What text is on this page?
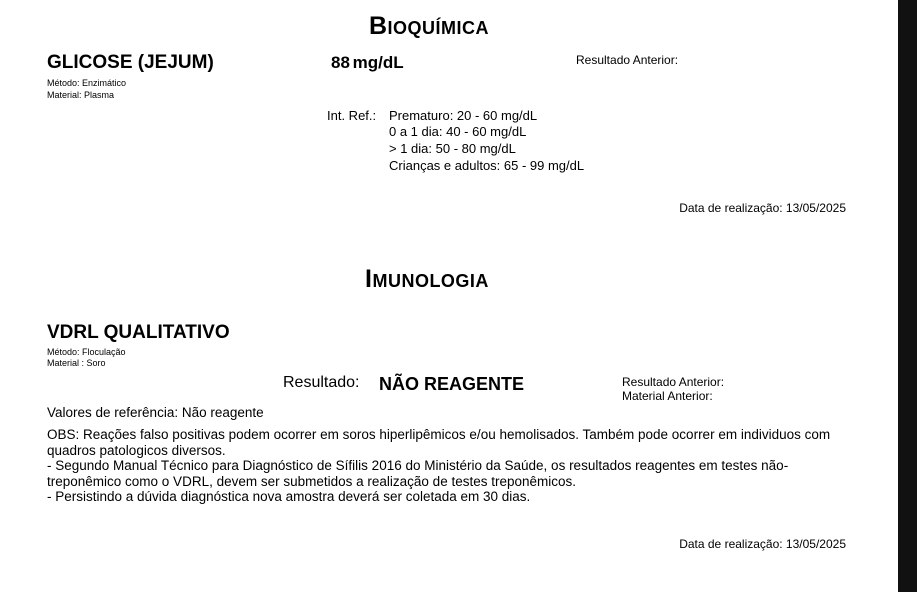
Bioquímica
GLICOSE (JEJUM)
Método: Enzimático
Material: Plasma
88 mg/dL	Resultado Anterior:
Int. Ref.: Prematuro: 20 - 60 mg/dL
0 a 1 dia: 40 - 60 mg/dL
> 1 dia: 50 - 80 mg/dL
Crianças e adultos: 65 - 99 mg/dL
Data de realização: 13/05/2025
Imunologia
VDRL QUALITATIVO
Método: Floculação
Material : Soro
Resultado: NÃO REAGENTE	Resultado Anterior:
Material Anterior:
Valores de referência: Não reagente
OBS: Reações falso positivas podem ocorrer em soros hiperlipêmicos e/ou hemolisados. Também pode ocorrer em individuos com quadros patologicos diversos.
- Segundo Manual Técnico para Diagnóstico de Sífilis 2016 do Ministério da Saúde, os resultados reagentes em testes não-treponêmico como o VDRL, devem ser submetidos a realização de testes treponêmicos.
- Persistindo a dúvida diagnóstica nova amostra deverá ser coletada em 30 dias.
Data de realização: 13/05/2025
